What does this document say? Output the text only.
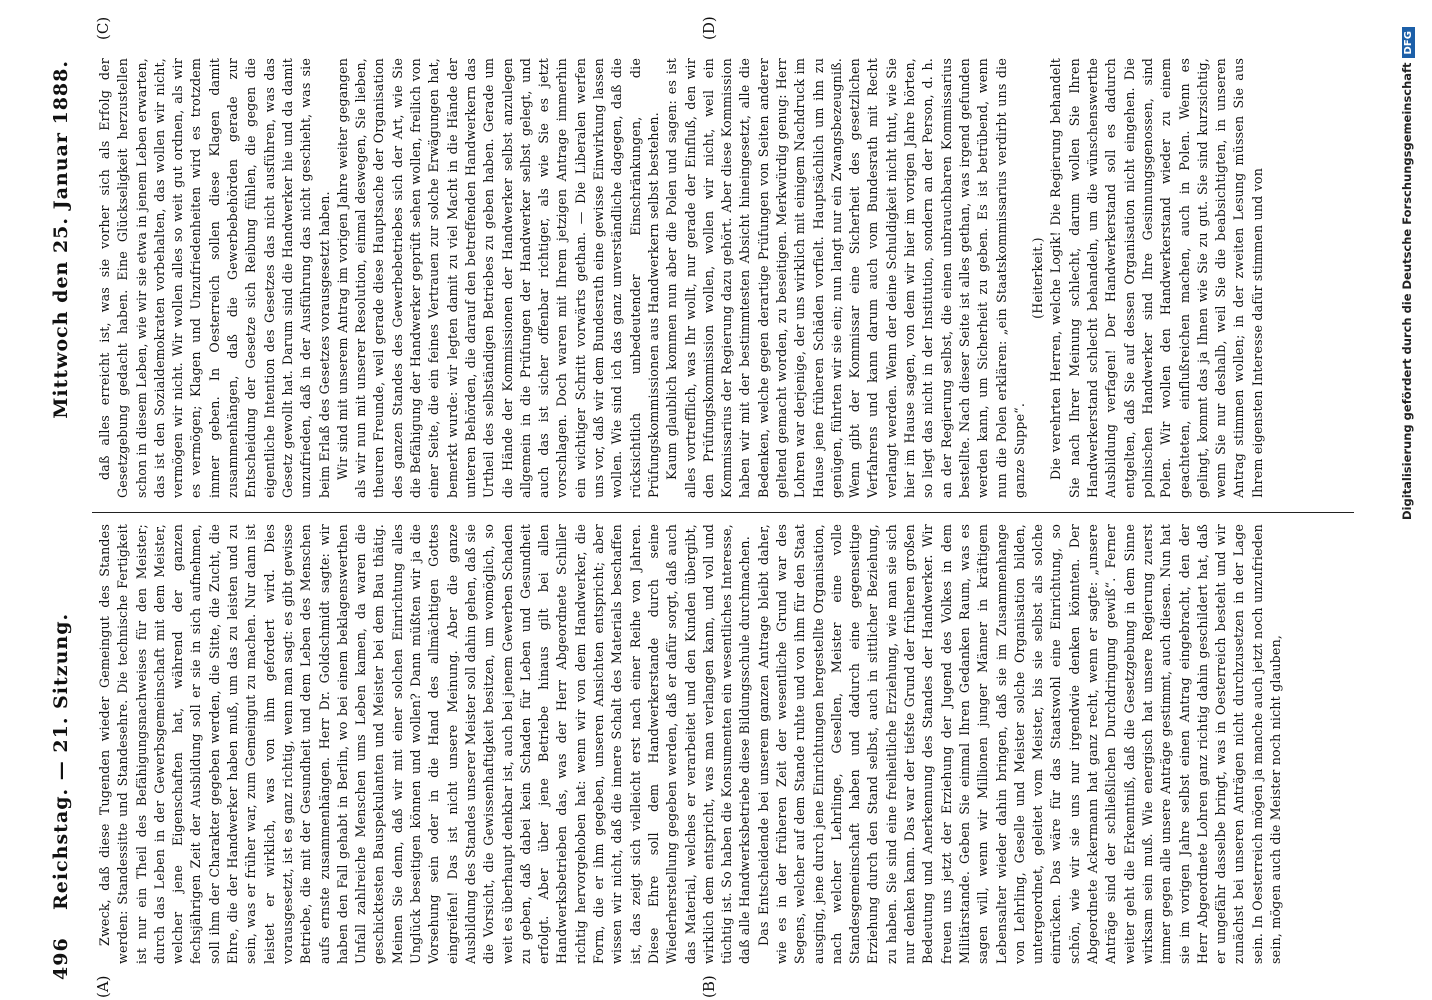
496
Reichstag. — 21. Sitzung.
Mittwoch den 25. Januar 1888.
(A)	(B)
(C)	(D)

Zweck, daß diese Tugenden wieder Gemeingut des Standes werden: Standessitte und Standesehre. Die technische Fertigkeit ist nur ein Theil des Befähigungsnachweises für den Meister; durch das Leben in der Gewerbsgemeinschaft mit dem Meister, welcher jene Eigenschaften hat, während der ganzen fechsjährigen Zeit der Ausbildung soll er sie in sich aufnehmen, soll ihm der Charakter gegeben werden, die Sitte, die Zucht, die Ehre, die der Handwerker haben muß, um das zu leisten und zu sein, was er früher war, zum Gemeingut zu machen. Nur dann ist leistet er wirklich, was von ihm gefordert wird. Dies vorausgesetzt, ist es ganz richtig, wenn man sagt: es gibt gewisse Betriebe, die mit der Gesundheit und dem Leben des Menschen aufs ernste zusammenhängen. Herr Dr. Goldschmidt sagte: wir haben den Fall gehabt in Berlin, wo bei einem beklagenswerthen Unfall zahlreiche Menschen ums Leben kamen, da waren die geschicktesten Bauspekulanten und Meister bei dem Bau thätig. Meinen Sie denn, daß wir mit einer solchen Einrichtung alles Unglück beseitigen können und wollen? Dann müßten wir ja die Vorsehung sein oder in die Hand des allmächtigen Gottes eingreifen! Das ist nicht unsere Meinung. Aber die ganze Ausbildung des Standes unserer Meister soll dahin gehen, daß sie die Vorsicht, die Gewissenhaftigkeit besitzen, um womöglich, so weit es überhaupt denkbar ist, auch bei jenem Gewerben Schaden zu geben, daß dabei kein Schaden für Leben und Gesundheit erfolgt. Aber über jene Betriebe hinaus gilt bei allen Handwerksbetrieben das, was der Herr Abgeordnete Schiller richtig hervorgehoben hat: wenn wir von dem Handwerker, die Form, die er ihm gegeben, unseren Ansichten entspricht; aber wissen wir nicht, daß die innere Schalt des Materials beschaffen ist, das zeigt sich vielleicht erst nach einer Reihe von Jahren. Diese Ehre soll dem Handwerkerstande durch seine Wiederherstellung gegeben werden, daß er dafür sorgt, daß auch das Material, welches er verarbeitet und den Kunden übergibt, wirklich dem entspricht, was man verlangen kann, und voll und tüchtig ist. So haben die Konsumenten ein wesentliches Interesse, daß alle Handwerksbetriebe diese Bildungsschule durchmachen. Das Entscheidende bei unserem ganzen Antrage bleibt daher, wie es in der früheren Zeit der wesentliche Grund war des Segens, welcher auf dem Stande ruhte und von ihm für den Staat ausging, jene durch jene Einrichtungen hergestellte Organisation, nach welcher Lehrlinge, Gesellen, Meister eine volle Standesgemeinschaft haben und dadurch eine gegenseitige Erziehung durch den Stand selbst, auch in sittlicher Beziehung, zu haben. Sie sind eine freiheitliche Erziehung, wie man sie sich nur denken kann. Das war der tiefste Grund der früheren großen Bedeutung und Anerkennung des Standes der Handwerker. Wir freuen uns jetzt der Erziehung der Jugend des Volkes in dem Militärstande. Geben Sie einmal Ihren Gedanken Raum, was es sagen will, wenn wir Millionen junger Männer in kräftigem Lebensalter wieder dahin bringen, daß sie im Zusammenhange von Lehrling, Geselle und Meister solche Organisation bilden, untergeordnet, geleitet vom Meister, bis sie selbst als solche einrücken. Das wäre für das Staatswohl eine Einrichtung, so schön, wie wir sie uns nur irgendwie denken könnten. Der Abgeordnete Ackermann hat ganz recht, wenn er sagte: „unsere Anträge sind der schließlichen Durchdringung gewiß“. Ferner weiter geht die Erkenntniß, daß die Gesetzgebung in dem Sinne wirksam sein muß. Wie energisch hat unsere Regierung zuerst immer gegen alle unsere Anträge gestimmt, auch diesen. Nun hat sie im vorigen Jahre selbst einen Antrag eingebracht, den der Herr Abgeordnete Lohren ganz richtig dahin geschildert hat, daß er ungefähr dasselbe bringt, was in Oesterreich besteht und wir zunächst bei unseren Anträgen nicht durchzusetzen in der Lage sein. In Oesterreich mögen ja manche auch jetzt noch unzufrieden sein, mögen auch die Meister noch nicht glauben,

daß alles erreicht ist, was sie vorher sich als Erfolg der Gesetzgebung gedacht haben. Eine Glückseligkeit herzustellen schon in diesem Leben, wie wir sie etwa in jenem Leben erwarten, das ist den Sozialdemokraten vorbehalten, das wollen wir nicht, vermögen wir nicht. Wir wollen alles so weit gut ordnen, als wir es vermögen; Klagen und Unzufriedenheiten wird es trotzdem immer geben. In Oesterreich sollen diese Klagen damit zusammenhängen, daß die Gewerbebehörden gerade zur Entscheidung der Gesetze sich Reibung fühlen, die gegen die eigentliche Intention des Gesetzes das nicht ausführen, was das Gesetz gewollt hat. Darum sind die Handwerker hie und da damit unzufrieden, daß in der Ausführung das nicht geschieht, was sie beim Erlaß des Gesetzes vorausgesetzt haben. Wir sind mit unserem Antrag im vorigen Jahre weiter gegangen als wir nun mit unserer Resolution, einmal deswegen, Sie lieben, theuren Freunde, weil gerade diese Hauptsache der Organisation des ganzen Standes des Gewerbebetriebes sich der Art, wie Sie die Befähigung der Handwerker geprüft sehen wollen, freilich von einer Seite, die ein feines Vertrauen zur solche Erwägungen hat, bemerkt wurde: wir legten damit zu viel Macht in die Hände der unteren Behörden, die darauf den betreffenden Handwerkern das Urtheil des selbständigen Betriebes zu geben haben. Gerade um die Hände der Kommissionen der Handwerker selbst anzulegen allgemein in die Prüfungen der Handwerker selbst gelegt, und auch das ist sicher offenbar richtiger, als wie Sie es jetzt vorschlagen. Doch waren mit Ihrem jetzigen Antrage immerhin ein wichtiger Schritt vorwärts gethan. — Die Liberalen werfen uns vor, daß wir dem Bundesrath eine gewisse Einwirkung lassen wollen. Wie sind ich das ganz unverständliche dagegen, daß die rücksichtlich unbedeutender Einschränkungen, die Prüfungskommissionen aus Handwerkern selbst bestehen. Kaum glaublich kommen nun aber die Polen und sagen: es ist alles vortrefflich, was Ihr wollt, nur gerade der Einfluß, den wir den Prüfungskommission wollen, wollen wir nicht, weil ein Kommissarius der Regierung dazu gehört. Aber diese Kommission haben wir mit der bestimmtesten Absicht hineingesetzt, alle die Bedenken, welche gegen derartige Prüfungen von Seiten anderer geltend gemacht worden, zu beseitigen. Merkwürdig genug: Herr Lohren war derjenige, der uns wirklich mit einigem Nachdruck im Hause jene früheren Schäden vorfielt. Hauptsächlich um ihn zu genügen, führten wir sie ein; nun langt nur ein Zwangsbezeugniß. Wenn gibt der Kommissar eine Sicherheit des gesetzlichen Verfahrens und kann darum auch vom Bundesrath mit Recht verlangt werden. Wenn der deine Schuldigkeit nicht thut, wie Sie hier im Hause sagen, von dem wir hier im vorigen Jahre hörten, so liegt das nicht in der Institution, sondern an der Person, d. h. an der Regierung selbst, die einen unbrauchbaren Kommissarius bestellte. Nach dieser Seite ist alles gethan, was irgend gefunden werden kann, um Sicherheit zu geben. Es ist betrübend, wenn nun die Polen erklären: „ein Staatskommissarius verdirbt uns die ganze Suppe“.

(Heiterkeit.) Die verehrten Herren, welche Logik! Die Regierung behandelt Sie nach Ihrer Meinung schlecht, darum wollen Sie Ihren Handwerkerstand schlecht behandeln, um die wünschenswerthe Ausbildung verfagen! Der Handwerkerstand soll es dadurch entgelten, daß Sie auf dessen Organisation nicht eingehen. Die polnischen Handwerker sind Ihre Gesinnungsgenossen, sind Polen. Wir wollen den Handwerkerstand wieder zu einem geachteten, einflußreichen machen, auch in Polen. Wenn es gelingt, kommt das ja Ihnen wie Sie zu gut. Sie sind kurzsichtig, wenn Sie nur deshalb, weil Sie die beabsichtigten, in unseren Antrag stimmen wollen; in der zweiten Lesung müssen Sie aus Ihrem eigensten Interesse dafür stimmen und von	Digitalisierung gefördert durch die Deutsche ForschungsgemeinschaftDFG
